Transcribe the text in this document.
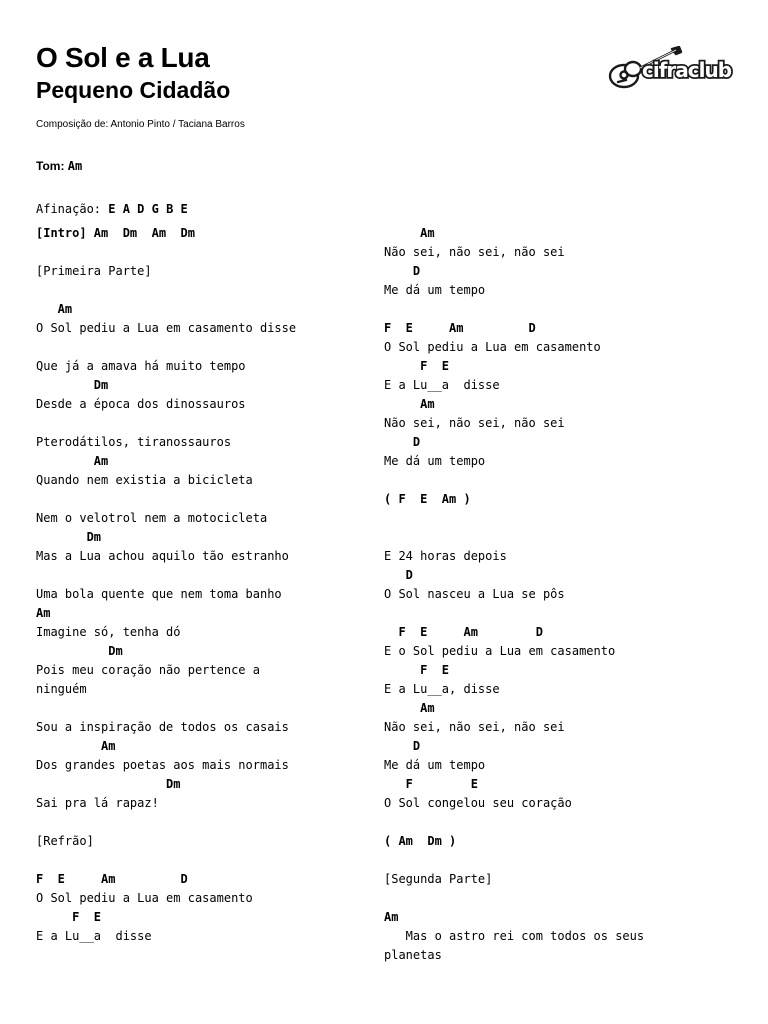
O Sol e a Lua
Pequeno Cidadão
Composição de: Antonio Pinto / Taciana Barros
Tom: Am
Afinação: E A D G B E
cifraclub
[Intro] Am  Dm  Am  Dm
[Primeira Parte]
Am
O Sol pediu a Lua em casamento disse
Que já a amava há muito tempo
Dm
Desde a época dos dinossauros
Pterodátilos, tiranossauros
Am
Quando nem existia a bicicleta
Nem o velotrol nem a motocicleta
Dm
Mas a Lua achou aquilo tão estranho
Uma bola quente que nem toma banho
Am
Imagine só, tenha dó
Dm
Pois meu coração não pertence a
ninguém
Sou a inspiração de todos os casais
Am
Dos grandes poetas aos mais normais
Dm
Sai pra lá rapaz!
[Refrão]
F  E     Am         D
O Sol pediu a Lua em casamento
F  E
E a Lu__a  disse
Am
Não sei, não sei, não sei
D
Me dá um tempo
F  E     Am         D
O Sol pediu a Lua em casamento
F  E
E a Lu__a  disse
Am
Não sei, não sei, não sei
D
Me dá um tempo
( F  E  Am )
E 24 horas depois
D
O Sol nasceu a Lua se pôs
F  E     Am        D
E o Sol pediu a Lua em casamento
F  E
E a Lu__a, disse
Am
Não sei, não sei, não sei
D
Me dá um tempo
F        E
O Sol congelou seu coração
( Am  Dm )
[Segunda Parte]
Am
Mas o astro rei com todos os seus
planetas
